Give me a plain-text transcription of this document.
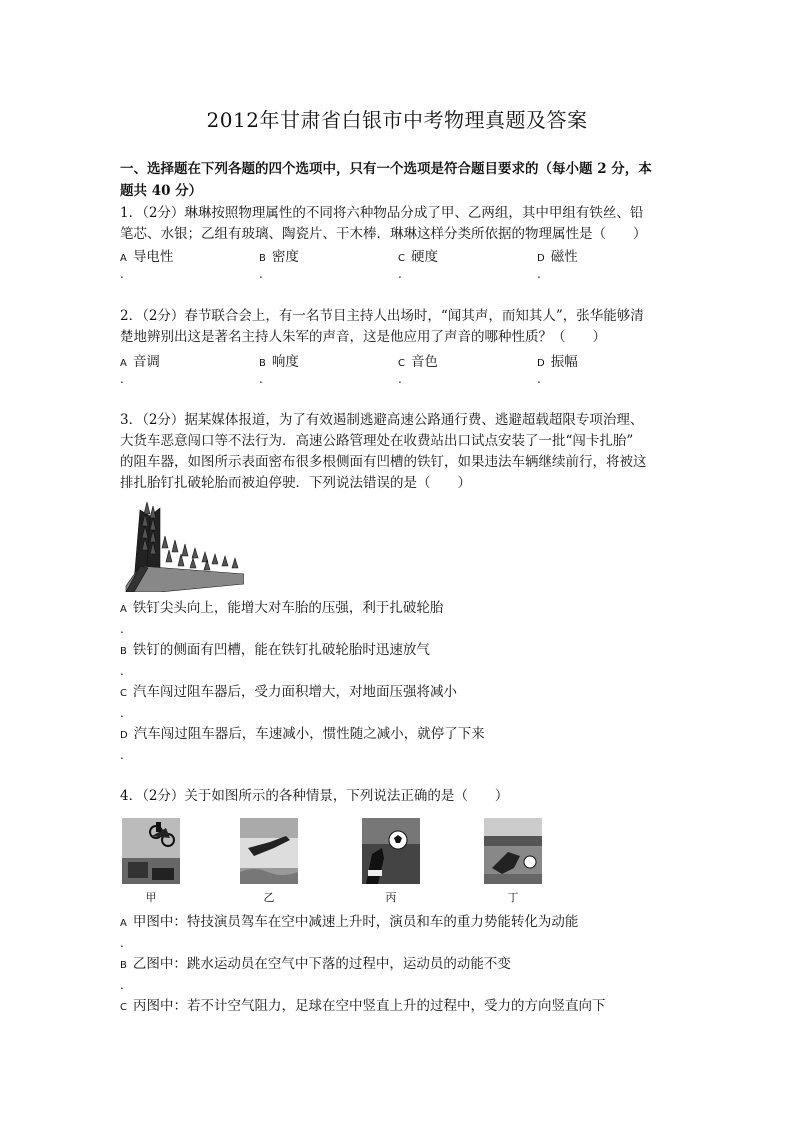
2012年甘肃省白银市中考物理真题及答案
一、选择题在下列各题的四个选项中，只有一个选项是符合题目要求的（每小题 2 分，本
题共 40 分）
1．（2分）琳琳按照物理属性的不同将六种物品分成了甲、乙两组，其中甲组有铁丝、铅
笔芯、水银；乙组有玻璃、陶瓷片、干木棒．琳琳这样分类所依据的物理属性是（　　）
A 导电性
.
B 密度
.
C 硬度
.
D 磁性
.
2．（2分）春节联合会上，有一名节目主持人出场时，“闻其声，而知其人”，张华能够清
楚地辨别出这是著名主持人朱军的声音，这是他应用了声音的哪种性质？（　　）
A 音调
.
B 响度
.
C 音色
.
D 振幅
.
3．（2分）据某媒体报道，为了有效遏制逃避高速公路通行费、逃避超载超限专项治理、
大货车恶意闯口等不法行为．高速公路管理处在收费站出口试点安装了一批“闯卡扎胎”
的阻车器，如图所示表面密布很多根侧面有凹槽的铁钉，如果违法车辆继续前行，将被这
排扎胎钉扎破轮胎而被迫停驶．下列说法错误的是（　　）
A 铁钉尖头向上，能增大对车胎的压强，利于扎破轮胎
.
B 铁钉的侧面有凹槽，能在铁钉扎破轮胎时迅速放气
.
C 汽车闯过阻车器后，受力面积增大，对地面压强将减小
.
D 汽车闯过阻车器后，车速减小，惯性随之减小，就停了下来
.
4．（2分）关于如图所示的各种情景，下列说法正确的是（　　）
甲	乙	丙	丁
A 甲图中：特技演员驾车在空中减速上升时，演员和车的重力势能转化为动能
.
B 乙图中：跳水运动员在空气中下落的过程中，运动员的动能不变
.
C 丙图中：若不计空气阻力，足球在空中竖直上升的过程中，受力的方向竖直向下
